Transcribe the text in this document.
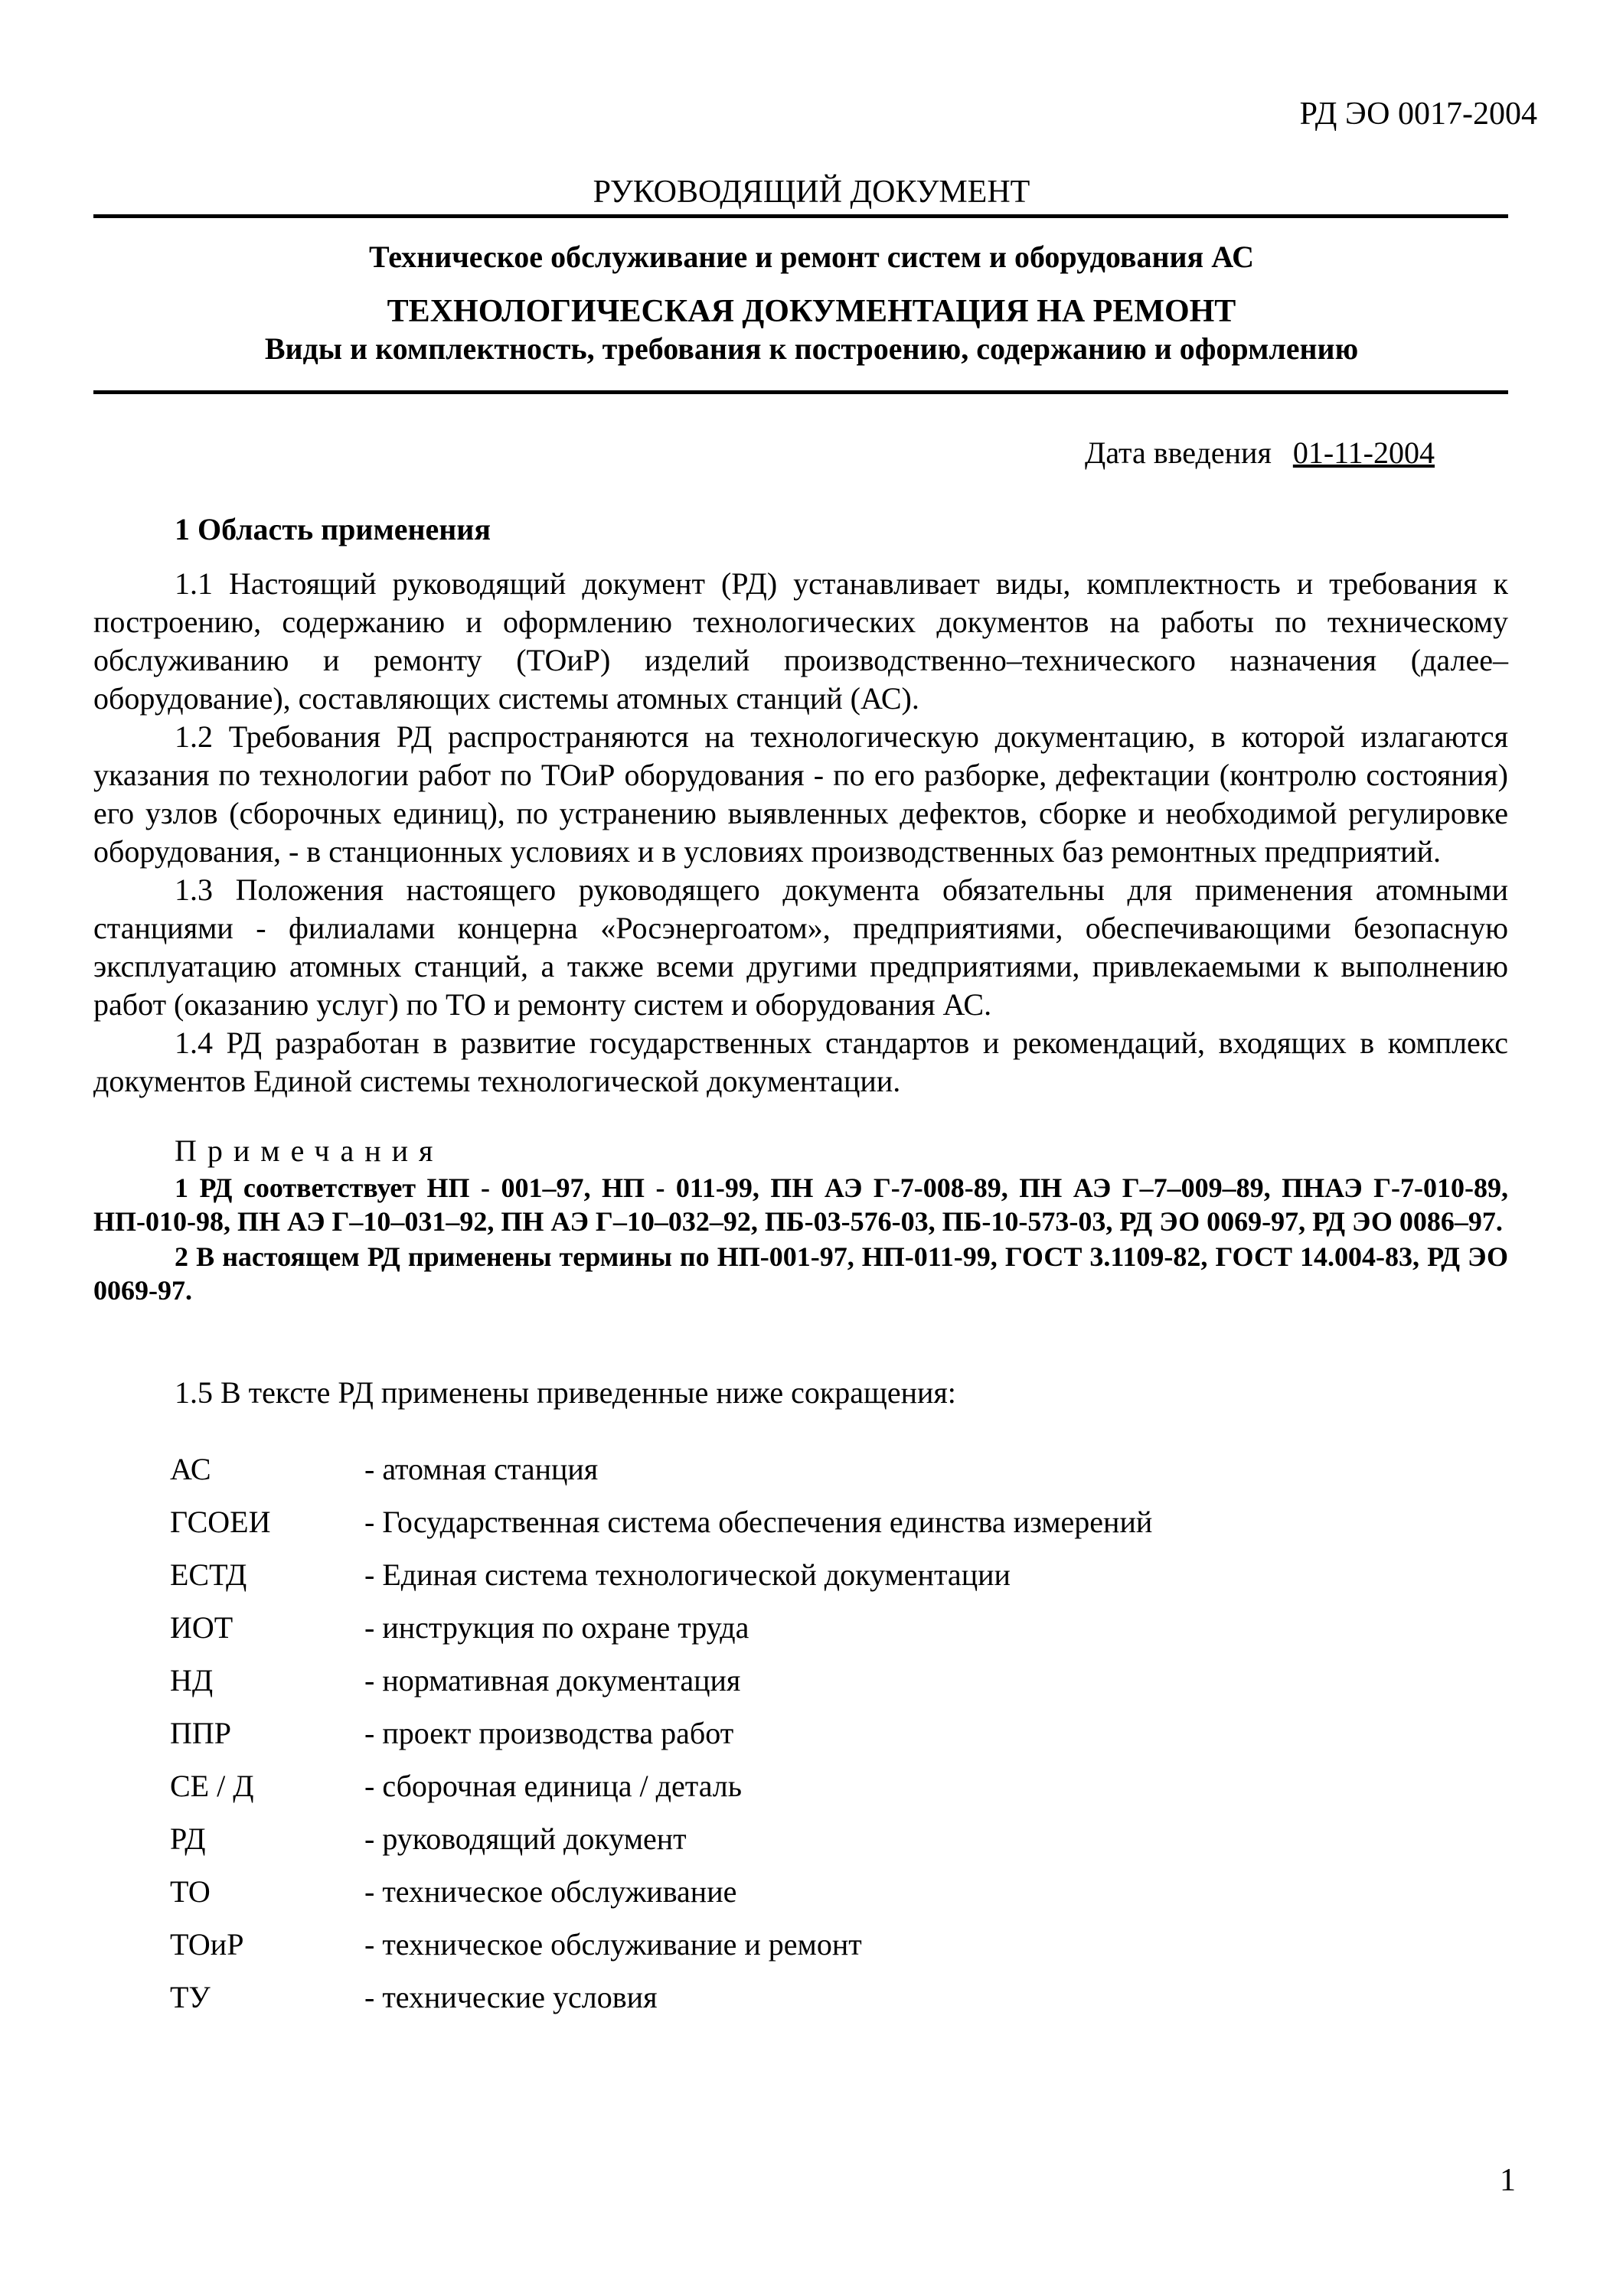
РД ЭО 0017-2004
РУКОВОДЯЩИЙ ДОКУМЕНТ
Техническое обслуживание и ремонт систем и оборудования АС
ТЕХНОЛОГИЧЕСКАЯ ДОКУМЕНТАЦИЯ НА РЕМОНТ
Виды и комплектность, требования к построению, содержанию и оформлению
Дата введения 01-11-2004
1 Область применения

1.1 Настоящий руководящий документ (РД) устанавливает виды, комплектность и требования к построению, содержанию и оформлению технологических документов на работы по техническому обслуживанию и ремонту (ТОиР) изделий производственно–технического назначения (далее–оборудование), составляющих системы атомных станций (АС).

1.2 Требования РД распространяются на технологическую документацию, в которой излагаются указания по технологии работ по ТОиР оборудования - по его разборке, дефектации (контролю состояния) его узлов (сборочных единиц), по устранению выявленных дефектов, сборке и необходимой регулировке оборудования, - в станционных условиях и в условиях производственных баз ремонтных предприятий.

1.3 Положения настоящего руководящего документа обязательны для применения атомными станциями - филиалами концерна «Росэнергоатом», предприятиями, обеспечивающими безопасную эксплуатацию атомных станций, а также всеми другими предприятиями, привлекаемыми к выполнению работ (оказанию услуг) по ТО и ремонту систем и оборудования АС.

1.4 РД разработан в развитие государственных стандартов и рекомендаций, входящих в комплекс документов Единой системы технологической документации.

Примечания

1 РД соответствует НП - 001–97, НП - 011-99, ПН АЭ Г-7-008-89, ПН АЭ Г–7–009–89, ПНАЭ Г-7-010-89, НП-010-98, ПН АЭ Г–10–031–92, ПН АЭ Г–10–032–92, ПБ-03-576-03, ПБ-10-573-03, РД ЭО 0069-97, РД ЭО 0086–97.

2 В настоящем РД применены термины по НП-001-97, НП-011-99, ГОСТ 3.1109-82, ГОСТ 14.004-83, РД ЭО 0069-97.

1.5 В тексте РД применены приведенные ниже сокращения:
АС	- атомная станция
ГСОЕИ	- Государственная система обеспечения единства измерений
ЕСТД	- Единая система технологической документации
ИОТ	- инструкция по охране труда
НД	- нормативная документация
ППР	- проект производства работ
СЕ / Д	- сборочная единица / деталь
РД	- руководящий документ
ТО	- техническое обслуживание
ТОиР	- техническое обслуживание и ремонт
ТУ	- технические условия
1
